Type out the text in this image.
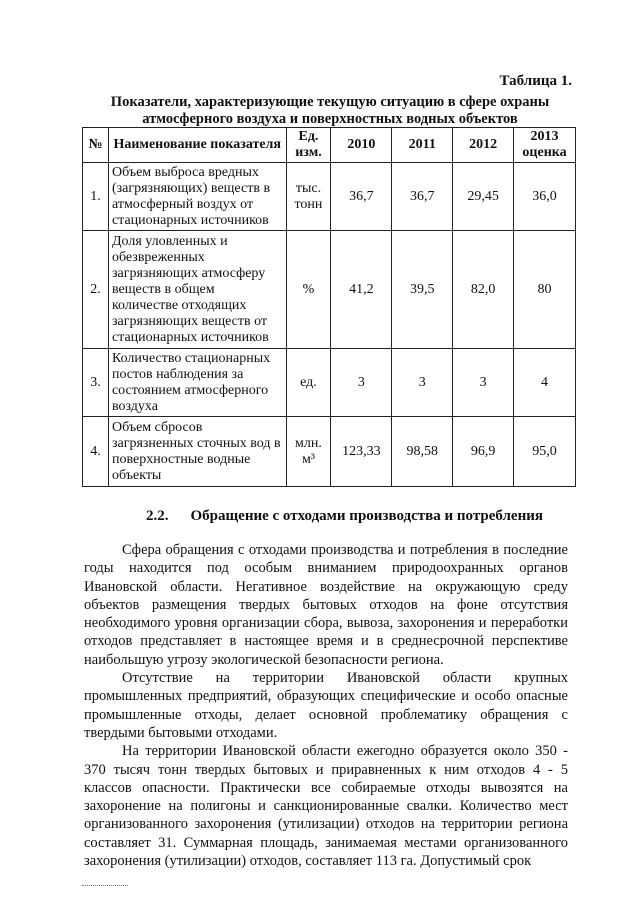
Таблица 1.
Показатели, характеризующие текущую ситуацию в сфере охраны атмосферного воздуха и поверхностных водных объектов
№	Наименование показателя	Ед. изм.	2010	2011	2012	2013 оценка
1.	Объем выброса вредных (загрязняющих) веществ в атмосферный воздух от стационарных источников	тыс. тонн	36,7	36,7	29,45	36,0
2.	Доля уловленных и обезвреженных загрязняющих атмосферу веществ в общем количестве отходящих загрязняющих веществ от стационарных источников	%	41,2	39,5	82,0	80
3.	Количество стационарных постов наблюдения за состоянием атмосферного воздуха	ед.	3	3	3	4
4.	Объем сбросов загрязненных сточных вод в поверхностные водные объекты	млн. м³	123,33	98,58	96,9	95,0
2.2. Обращение с отходами производства и потребления

Сфера обращения с отходами производства и потребления в последние годы находится под особым вниманием природоохранных органов Ивановской области. Негативное воздействие на окружающую среду объектов размещения твердых бытовых отходов на фоне отсутствия необходимого уровня организации сбора, вывоза, захоронения и переработки отходов представляет в настоящее время и в среднесрочной перспективе наибольшую угрозу экологической безопасности региона.

Отсутствие на территории Ивановской области крупных промышленных предприятий, образующих специфические и особо опасные промышленные отходы, делает основной проблематику обращения с твердыми бытовыми отходами.

На территории Ивановской области ежегодно образуется около 350 - 370 тысяч тонн твердых бытовых и приравненных к ним отходов 4 - 5 классов опасности. Практически все собираемые отходы вывозятся на захоронение на полигоны и санкционированные свалки. Количество мест организованного захоронения (утилизации) отходов на территории региона составляет 31. Суммарная площадь, занимаемая местами организованного захоронения (утилизации) отходов, составляет 113 га. Допустимый срок
